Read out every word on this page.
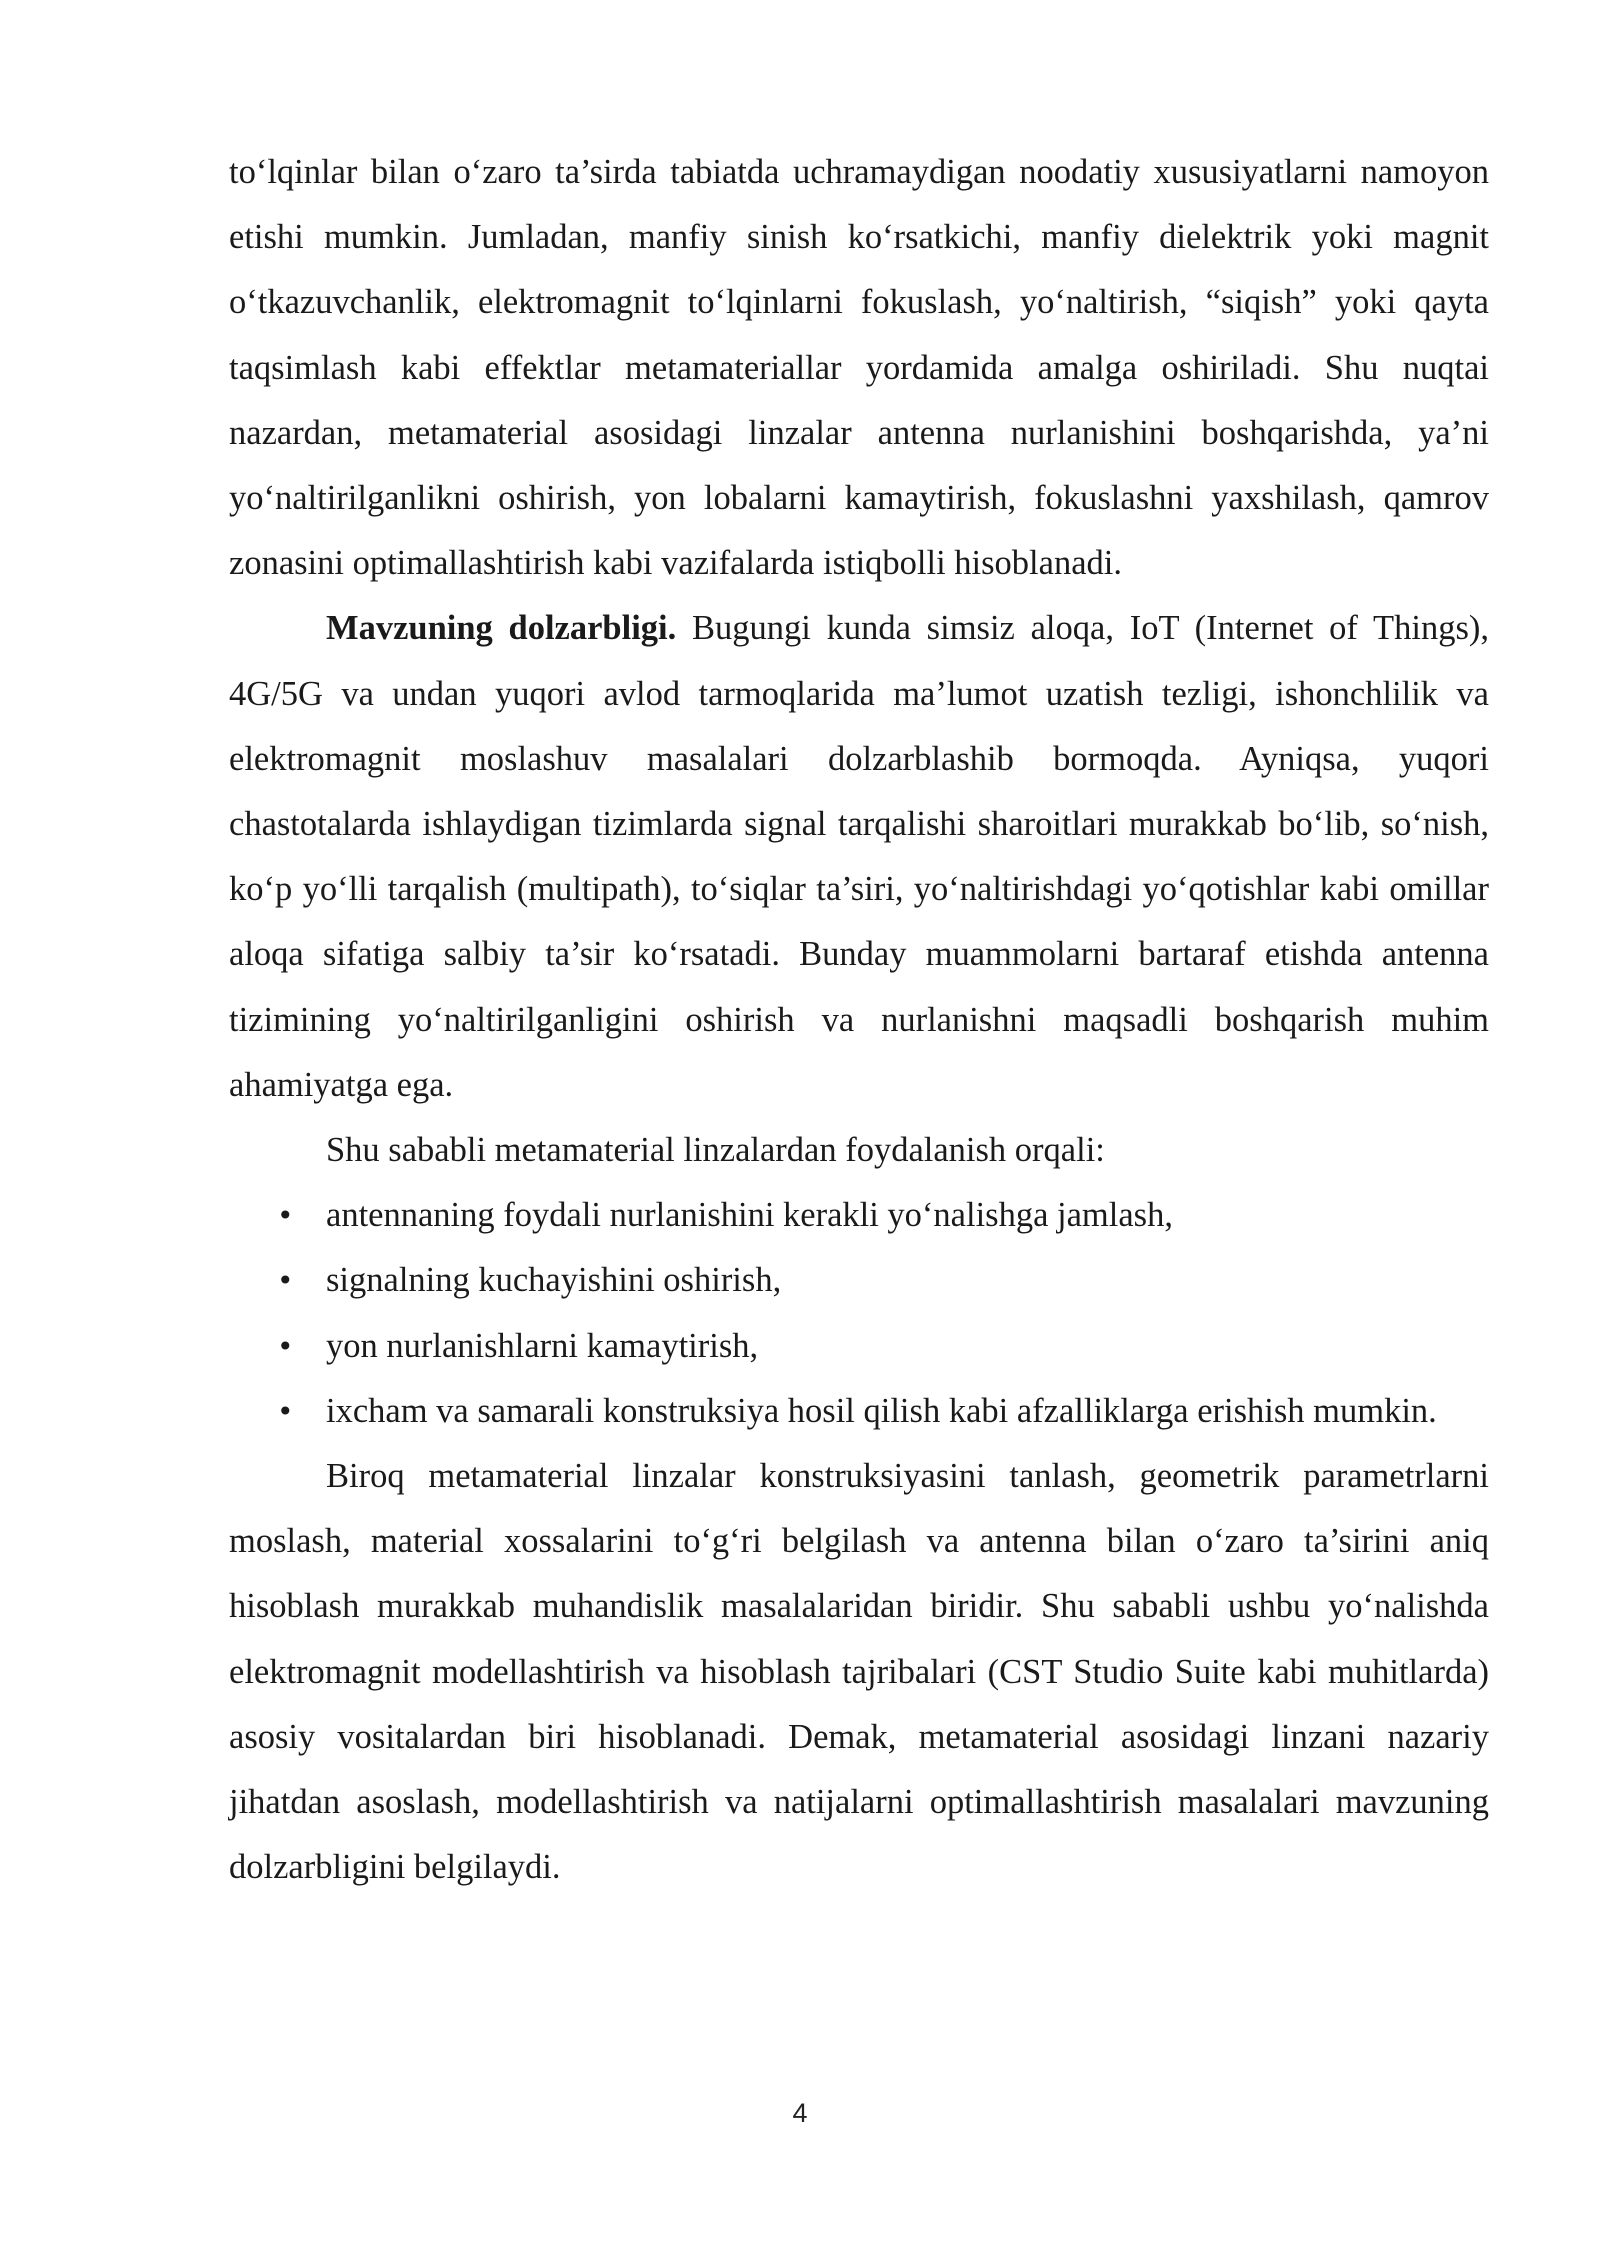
to‘lqinlar bilan o‘zaro ta’sirda tabiatda uchramaydigan noodatiy xususiyatlarni namoyon etishi mumkin. Jumladan, manfiy sinish ko‘rsatkichi, manfiy dielektrik yoki magnit o‘tkazuvchanlik, elektromagnit to‘lqinlarni fokuslash, yo‘naltirish, “siqish” yoki qayta taqsimlash kabi effektlar metamateriallar yordamida amalga oshiriladi. Shu nuqtai nazardan, metamaterial asosidagi linzalar antenna nurlanishini boshqarishda, ya’ni yo‘naltirilganlikni oshirish, yon lobalarni kamaytirish, fokuslashni yaxshilash, qamrov zonasini optimallashtirish kabi vazifalarda istiqbolli hisoblanadi.

Mavzuning dolzarbligi. Bugungi kunda simsiz aloqa, IoT (Internet of Things), 4G/5G va undan yuqori avlod tarmoqlarida ma’lumot uzatish tezligi, ishonchlilik va elektromagnit moslashuv masalalari dolzarblashib bormoqda. Ayniqsa, yuqori chastotalarda ishlaydigan tizimlarda signal tarqalishi sharoitlari murakkab bo‘lib, so‘nish, ko‘p yo‘lli tarqalish (multipath), to‘siqlar ta’siri, yo‘naltirishdagi yo‘qotishlar kabi omillar aloqa sifatiga salbiy ta’sir ko‘rsatadi. Bunday muammolarni bartaraf etishda antenna tizimining yo‘naltirilganligini oshirish va nurlanishni maqsadli boshqarish muhim ahamiyatga ega.

Shu sababli metamaterial linzalardan foydalanish orqali:

• antennaning foydali nurlanishini kerakli yo‘nalishga jamlash,
• signalning kuchayishini oshirish,
• yon nurlanishlarni kamaytirish,
• ixcham va samarali konstruksiya hosil qilish kabi afzalliklarga erishish mumkin.

Biroq metamaterial linzalar konstruksiyasini tanlash, geometrik parametrlarni moslash, material xossalarini to‘g‘ri belgilash va antenna bilan o‘zaro ta’sirini aniq hisoblash murakkab muhandislik masalalaridan biridir. Shu sababli ushbu yo‘nalishda elektromagnit modellashtirish va hisoblash tajribalari (CST Studio Suite kabi muhitlarda) asosiy vositalardan biri hisoblanadi. Demak, metamaterial asosidagi linzani nazariy jihatdan asoslash, modellashtirish va natijalarni optimallashtirish masalalari mavzuning dolzarbligini belgilaydi.

4
